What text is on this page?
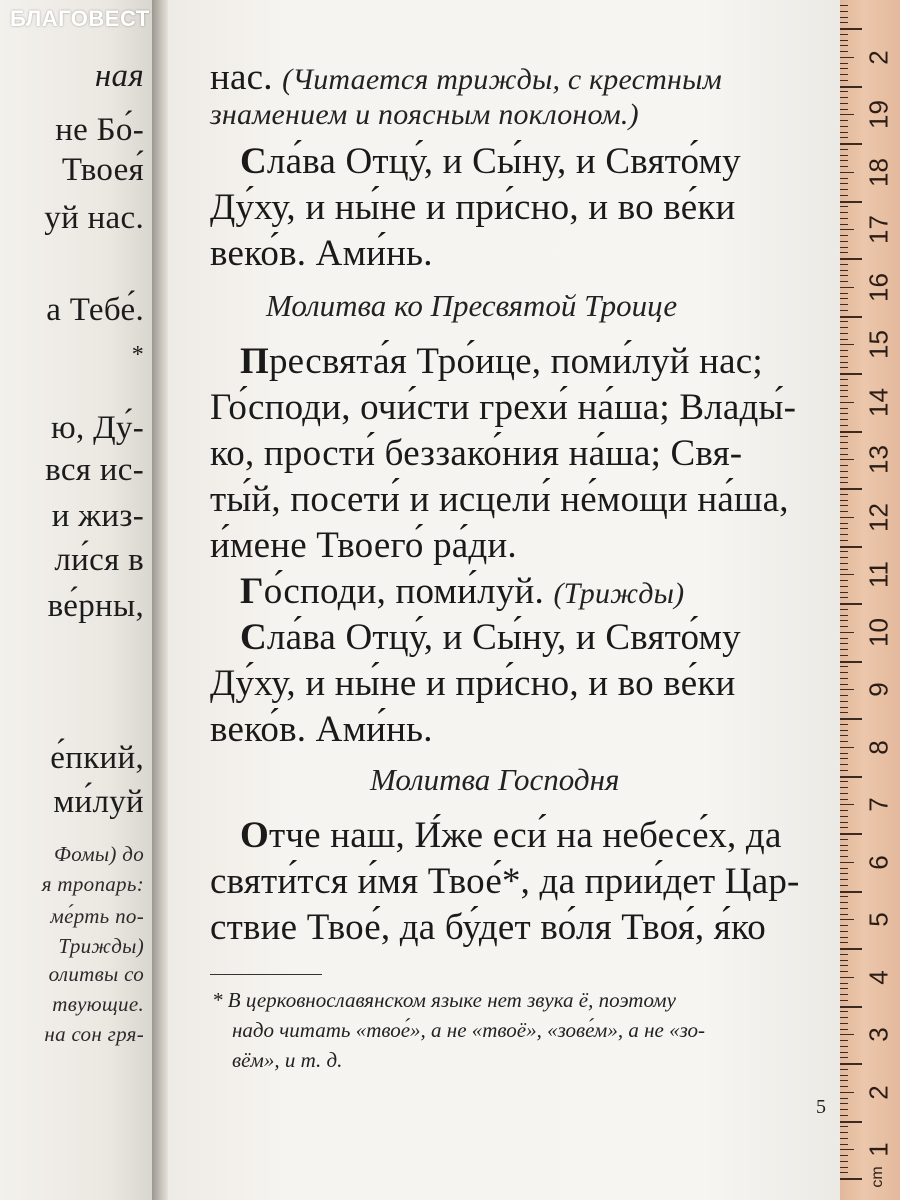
БЛАГОВЕСТ
ная
не Бо́-
Твоея́
уй нас.
а Тебе́.
*
ю, Ду́-
вся ис-
и жиз-
ли́ся в
ве́рны,
е́пкий,
ми́луй
Фомы) до
я тропарь:
ме́рть по-
Трижды)
олитвы со
твующие.
на сон гря-
нас. (Читается трижды, с крестным
знамением и поясным поклоном.)
Сла́ва Отцу́, и Сы́ну, и Свято́му
Ду́ху, и ны́не и при́сно, и во ве́ки
веко́в. Ами́нь.
Молитва ко Пресвятой Троице
Пресвята́я Тро́ице, поми́луй нас;
Го́споди, очи́сти грехи́ на́ша; Влады́-
ко, прости́ беззако́ния на́ша; Свя-
ты́й, посети́ и исцели́ не́мощи на́ша,
и́мене Твоего́ ра́ди.
Го́споди, поми́луй. (Трижды)
Сла́ва Отцу́, и Сы́ну, и Свято́му
Ду́ху, и ны́не и при́сно, и во ве́ки
веко́в. Ами́нь.
Молитва Господня
Отче наш, И́же еси́ на небесе́х, да
святи́тся и́мя Твое́*, да прии́дет Цар-
ствие Твое́, да бу́дет во́ля Твоя́, я́ко
* В церковнославянском языке нет звука ё, поэтому
надо читать «твое́», а не «твоё», «зове́м», а не «зо-
вём», и т. д.
5
cm
1
2
3
4
5
6
7
8
9
10
11
12
13
14
15
16
17
18
19
2
